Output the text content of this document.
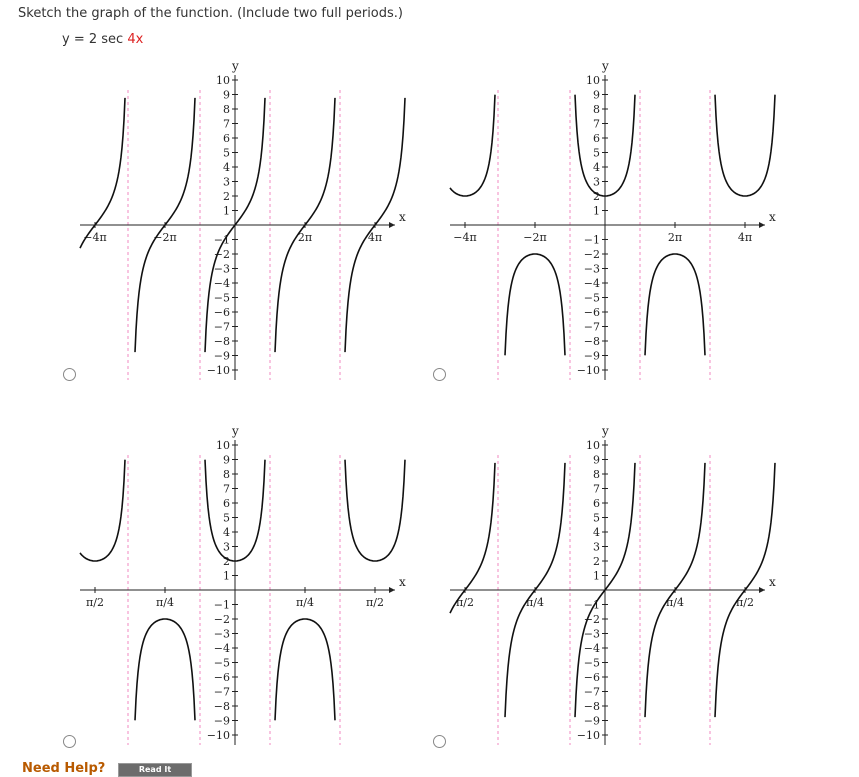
Sketch the graph of the function. (Include two full periods.)
y = 2 sec 4x
y
x
10
9
8
7
6
5
4
3
2
1
−1
−2
−3
−4
−5
−6
−7
−8
−9
−10
−4π	−2π	2π	4π
y
x
10
9
8
7
6
5
4
3
2
1
−1
−2
−3
−4
−5
−6
−7
−8
−9
−10
−4π	−2π	2π	4π
y
x
10
9
8
7
6
5
4
3
2
1
−1
−2
−3
−4
−5
−6
−7
−8
−9
−10
π/2	π/4	π/4	π/2
y
x
10
9
8
7
6
5
4
3
2
1
−1
−2
−3
−4
−5
−6
−7
−8
−9
−10
π/2	π/4	π/4	π/2
Need Help?	Read It
